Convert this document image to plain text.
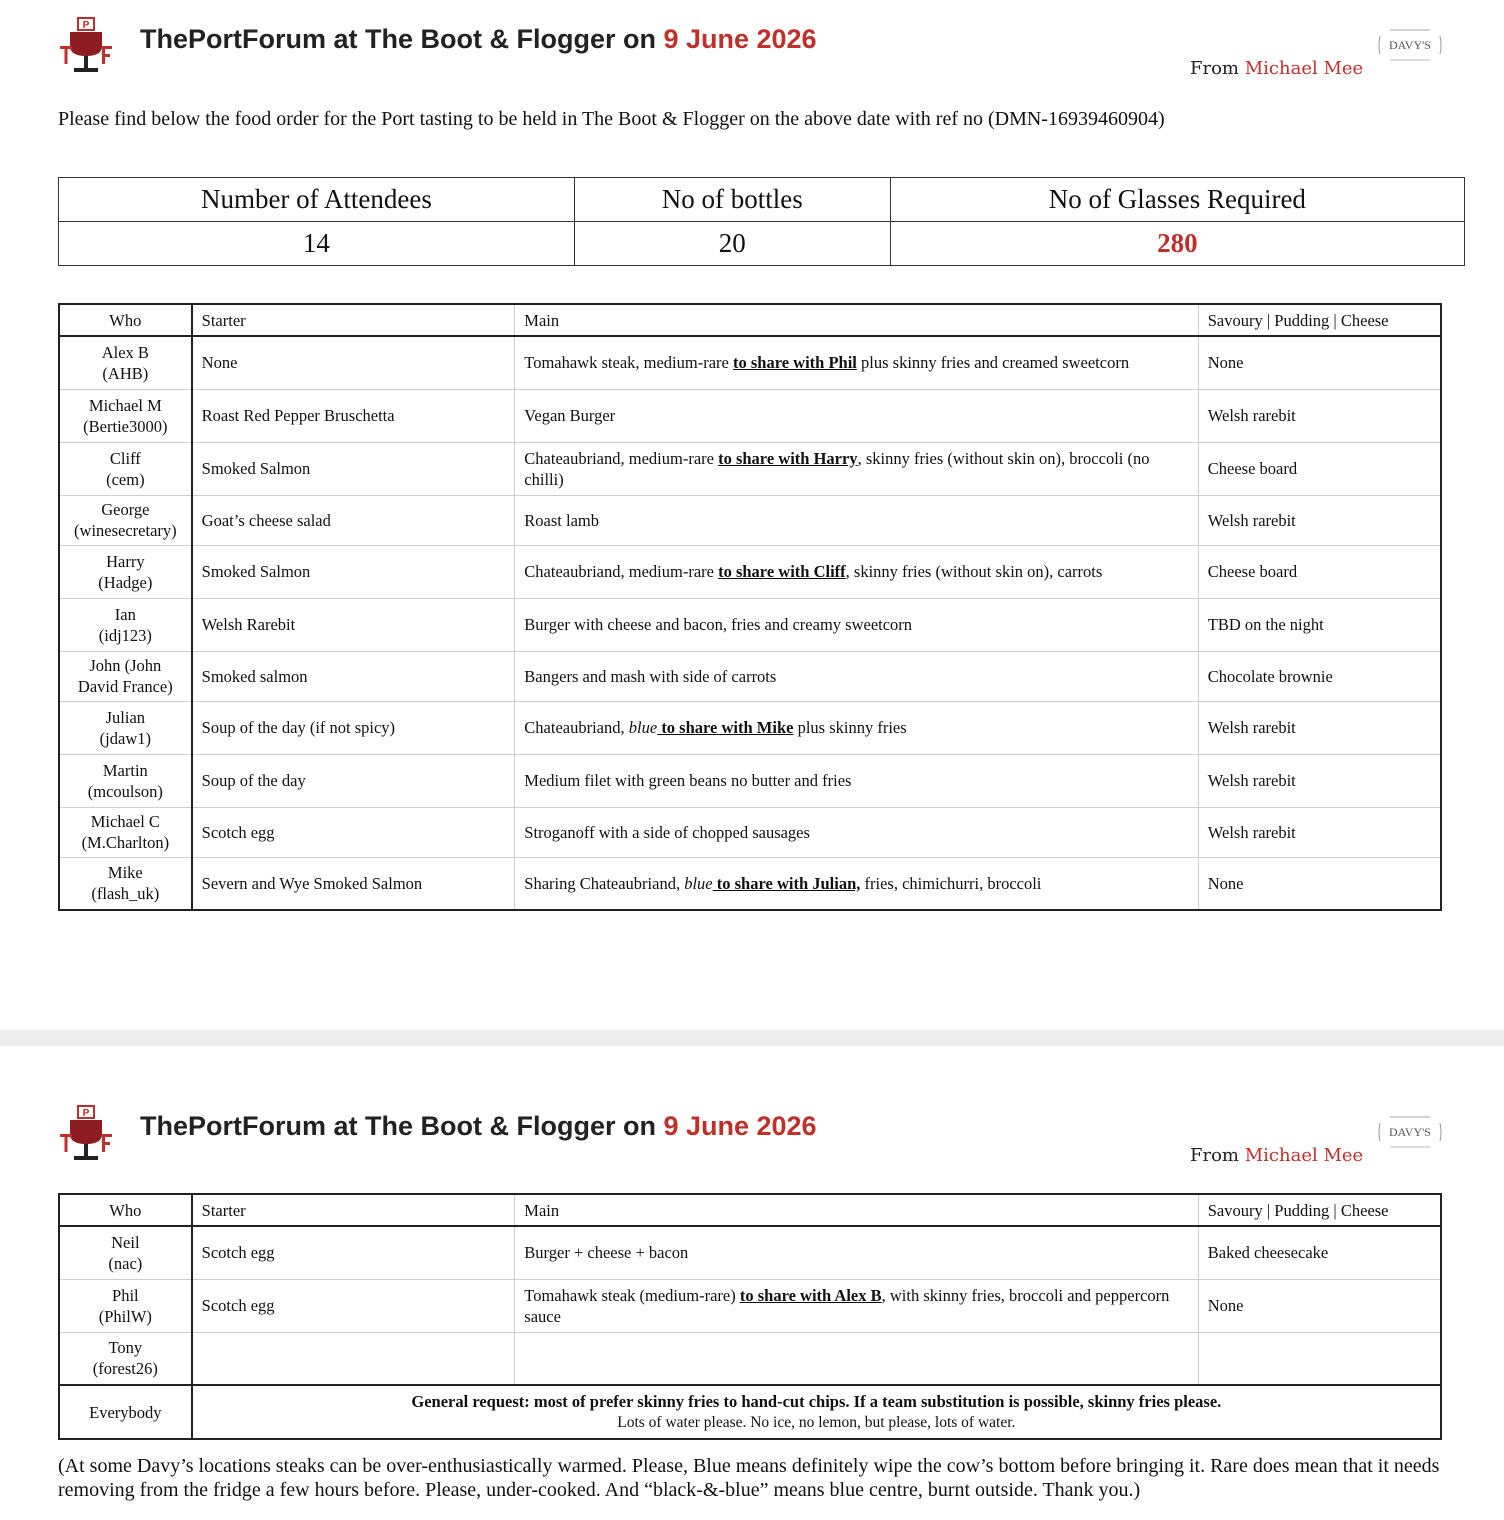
P ThePortForum at The Boot & Flogger on 9 June 2026
From Michael Mee
DAVY'S
Please find below the food order for the Port tasting to be held in The Boot & Flogger on the above date with ref no (DMN-16939460904)
Number of Attendees	No of bottles	No of Glasses Required
14	20	280
Who	Starter	Main	Savoury | Pudding | Cheese

Alex B
(AHB)	None	Tomahawk steak, medium-rare to share with Phil plus skinny fries and creamed sweetcorn	None

Michael M
(Bertie3000)	Roast Red Pepper Bruschetta	Vegan Burger	Welsh rarebit

Cliff
(cem)	Smoked Salmon	Chateaubriand, medium-rare to share with Harry, skinny fries (without skin on), broccoli (no chilli)	Cheese board

George
(winesecretary)	Goat’s cheese salad	Roast lamb	Welsh rarebit

Harry
(Hadge)	Smoked Salmon	Chateaubriand, medium-rare to share with Cliff, skinny fries (without skin on), carrots	Cheese board

Ian
(idj123)	Welsh Rarebit	Burger with cheese and bacon, fries and creamy sweetcorn	TBD on the night

John (John
David France)	Smoked salmon	Bangers and mash with side of carrots	Chocolate brownie

Julian
(jdaw1)	Soup of the day (if not spicy)	Chateaubriand, blue to share with Mike plus skinny fries	Welsh rarebit

Martin
(mcoulson)	Soup of the day	Medium filet with green beans no butter and fries	Welsh rarebit

Michael C
(M.Charlton)	Scotch egg	Stroganoff with a side of chopped sausages	Welsh rarebit

Mike
(flash_uk)	Severn and Wye Smoked Salmon	Sharing Chateaubriand, blue to share with Julian, fries, chimichurri, broccoli	None
P ThePortForum at The Boot & Flogger on 9 June 2026
From Michael Mee
DAVY'S
Who	Starter	Main	Savoury | Pudding | Cheese

Neil
(nac)	Scotch egg	Burger + cheese + bacon	Baked cheesecake

Phil
(PhilW)	Scotch egg	Tomahawk steak (medium-rare) to share with Alex B, with skinny fries, broccoli and peppercorn sauce	None

Tony
(forest26)			

Everybody	General request: most of prefer skinny fries to hand-cut chips. If a team substitution is possible, skinny fries please.
Lots of water please. No ice, no lemon, but please, lots of water.		
(At some Davy’s locations steaks can be over-enthusiastically warmed. Please, Blue means definitely wipe the cow’s bottom before bringing it. Rare does mean that it needs removing from the fridge a few hours before. Please, under-cooked. And “black-&-blue” means blue centre, burnt outside. Thank you.)
